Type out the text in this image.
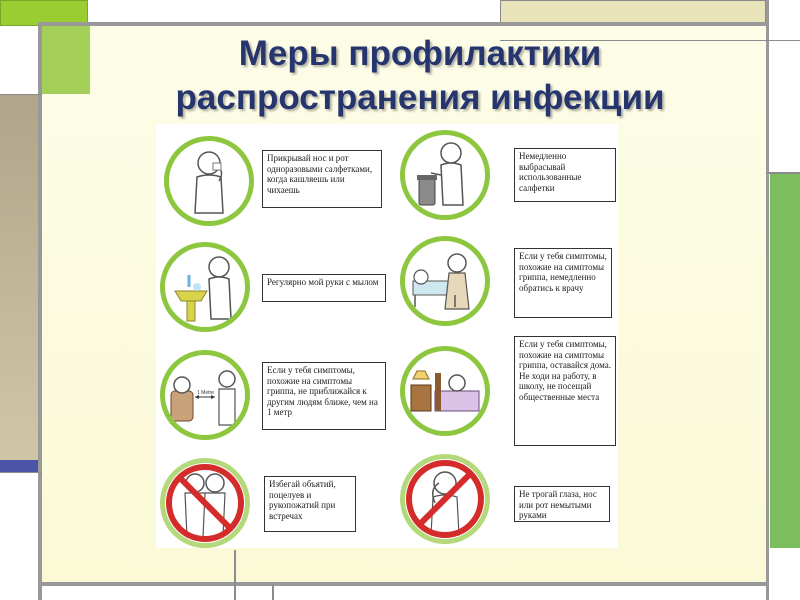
Меры профилактики
распространения инфекции
Прикрывай нос и рот одноразовыми салфетками, когда кашляешь или чихаешь
Немедленно выбрасывай использованные салфетки
Регулярно мой руки с мылом
Если у тебя симптомы, похожие на симптомы гриппа, немедленно обратись к врачу
1 Metre
Если у тебя симптомы, похожие на симптомы гриппа, не приближайся к другим людям ближе, чем на 1 метр
Если у тебя симптомы, похожие на симптомы гриппа, оставайся дома. Не ходи на работу, в школу, не посещай общественные места
Избегай объятий, поцелуев и рукопожатий при встречах
Не трогай глаза, нос или рот немытыми руками
